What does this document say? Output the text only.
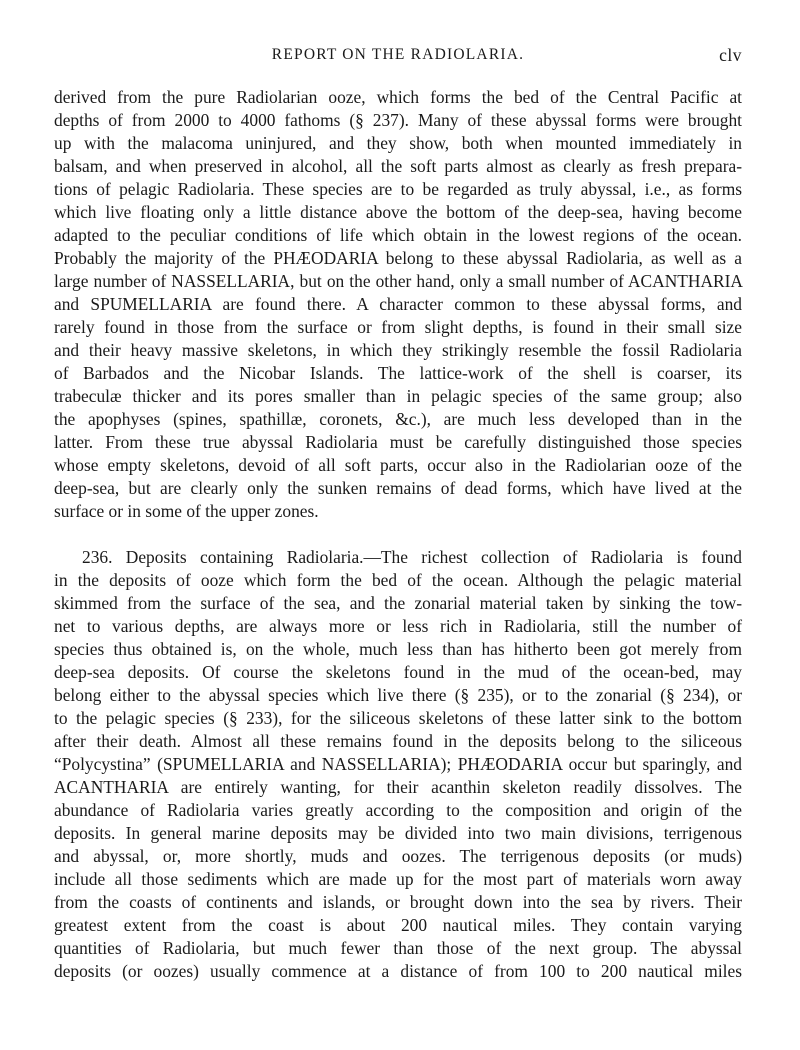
REPORT ON THE RADIOLARIA.	clv

derived from the pure Radiolarian ooze, which forms the bed of the Central Pacific at depths of from 2000 to 4000 fathoms (§ 237). Many of these abyssal forms were brought up with the malacoma uninjured, and they show, both when mounted immediately in balsam, and when preserved in alcohol, all the soft parts almost as clearly as fresh prepara- tions of pelagic Radiolaria. These species are to be regarded as truly abyssal, i.e., as forms which live floating only a little distance above the bottom of the deep-sea, having become adapted to the peculiar conditions of life which obtain in the lowest regions of the ocean. Probably the majority of the PHÆODARIA belong to these abyssal Radiolaria, as well as a large number of NASSELLARIA, but on the other hand, only a small number of ACANTHARIA and SPUMELLARIA are found there. A character common to these abyssal forms, and rarely found in those from the surface or from slight depths, is found in their small size and their heavy massive skeletons, in which they strikingly resemble the fossil Radiolaria of Barbados and the Nicobar Islands. The lattice-work of the shell is coarser, its trabeculæ thicker and its pores smaller than in pelagic species of the same group; also the apophyses (spines, spathillæ, coronets, &c.), are much less developed than in the latter. From these true abyssal Radiolaria must be carefully distinguished those species whose empty skeletons, devoid of all soft parts, occur also in the Radiolarian ooze of the deep-sea, but are clearly only the sunken remains of dead forms, which have lived at the

surface or in some of the upper zones.

236. Deposits containing Radiolaria.—The richest collection of Radiolaria is found in the deposits of ooze which form the bed of the ocean. Although the pelagic material skimmed from the surface of the sea, and the zonarial material taken by sinking the tow- net to various depths, are always more or less rich in Radiolaria, still the number of species thus obtained is, on the whole, much less than has hitherto been got merely from deep-sea deposits. Of course the skeletons found in the mud of the ocean-bed, may belong either to the abyssal species which live there (§ 235), or to the zonarial (§ 234), or to the pelagic species (§ 233), for the siliceous skeletons of these latter sink to the bottom after their death. Almost all these remains found in the deposits belong to the siliceous “Polycystina” (SPUMELLARIA and NASSELLARIA); PHÆODARIA occur but sparingly, and ACANTHARIA are entirely wanting, for their acanthin skeleton readily dissolves. The abundance of Radiolaria varies greatly according to the composition and origin of the deposits. In general marine deposits may be divided into two main divisions, terrigenous and abyssal, or, more shortly, muds and oozes. The terrigenous deposits (or muds) include all those sediments which are made up for the most part of materials worn away from the coasts of continents and islands, or brought down into the sea by rivers. Their greatest extent from the coast is about 200 nautical miles. They contain varying quantities of Radiolaria, but much fewer than those of the next group. The abyssal deposits (or oozes) usually commence at a distance of from 100 to 200 nautical miles
